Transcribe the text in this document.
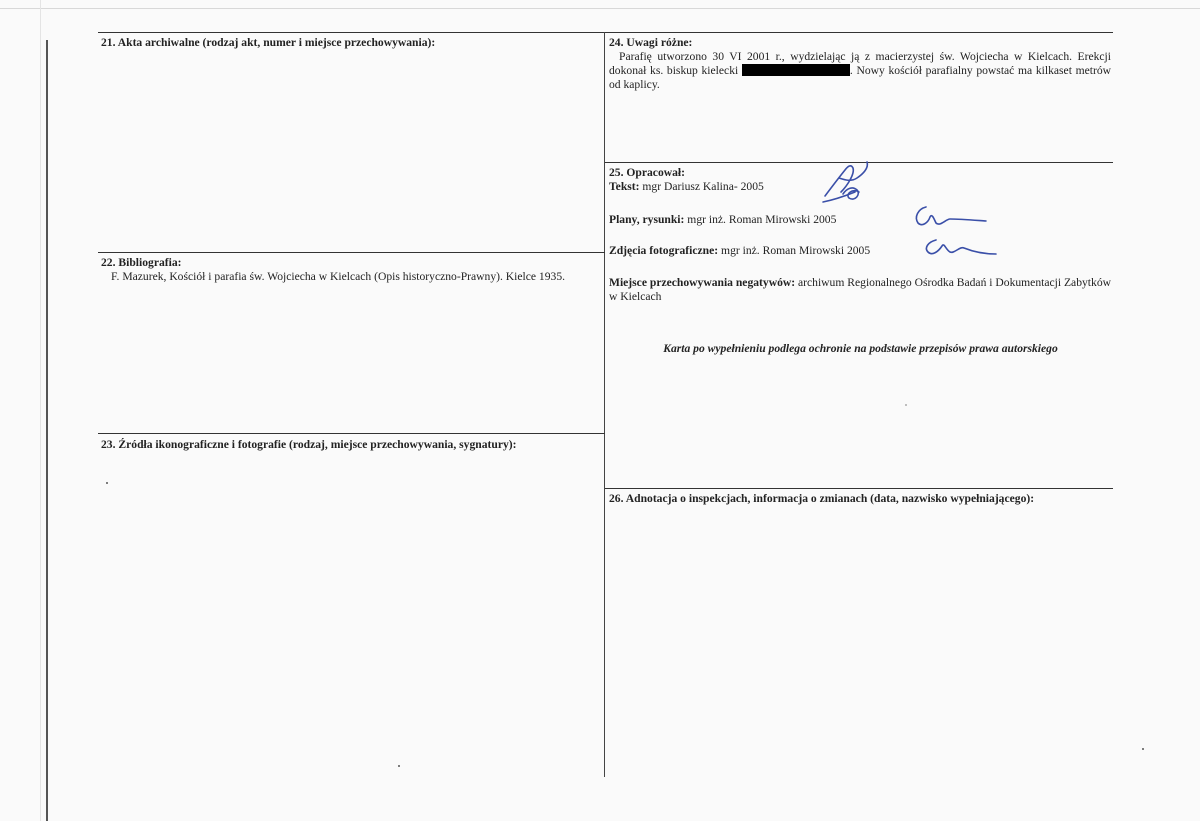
21. Akta archiwalne (rodzaj akt, numer i miejsce przechowywania):
22. Bibliografia:
F. Mazurek, Kościół i parafia św. Wojciecha w Kielcach (Opis historyczno-Prawny). Kielce 1935.
23. Źródła ikonograficzne i fotografie (rodzaj, miejsce przechowywania, sygnatury):
24. Uwagi różne:
Parafię utworzono 30 VI 2001 r., wydzielając ją z macierzystej św. Wojciecha w Kielcach. Erekcji dokonał ks. biskup kielecki	. Nowy kościół parafialny powstać ma kilkaset metrów od kaplicy.
25. Opracował:
Tekst: mgr Dariusz Kalina- 2005
Plany, rysunki: mgr inż. Roman Mirowski 2005
Zdjęcia fotograficzne: mgr inż. Roman Mirowski 2005
Miejsce przechowywania negatywów: archiwum Regionalnego Ośrodka Badań i Dokumentacji Zabytków w Kielcach
Karta po wypełnieniu podlega ochronie na podstawie przepisów prawa autorskiego
26. Adnotacja o inspekcjach, informacja o zmianach (data, nazwisko wypełniającego):
